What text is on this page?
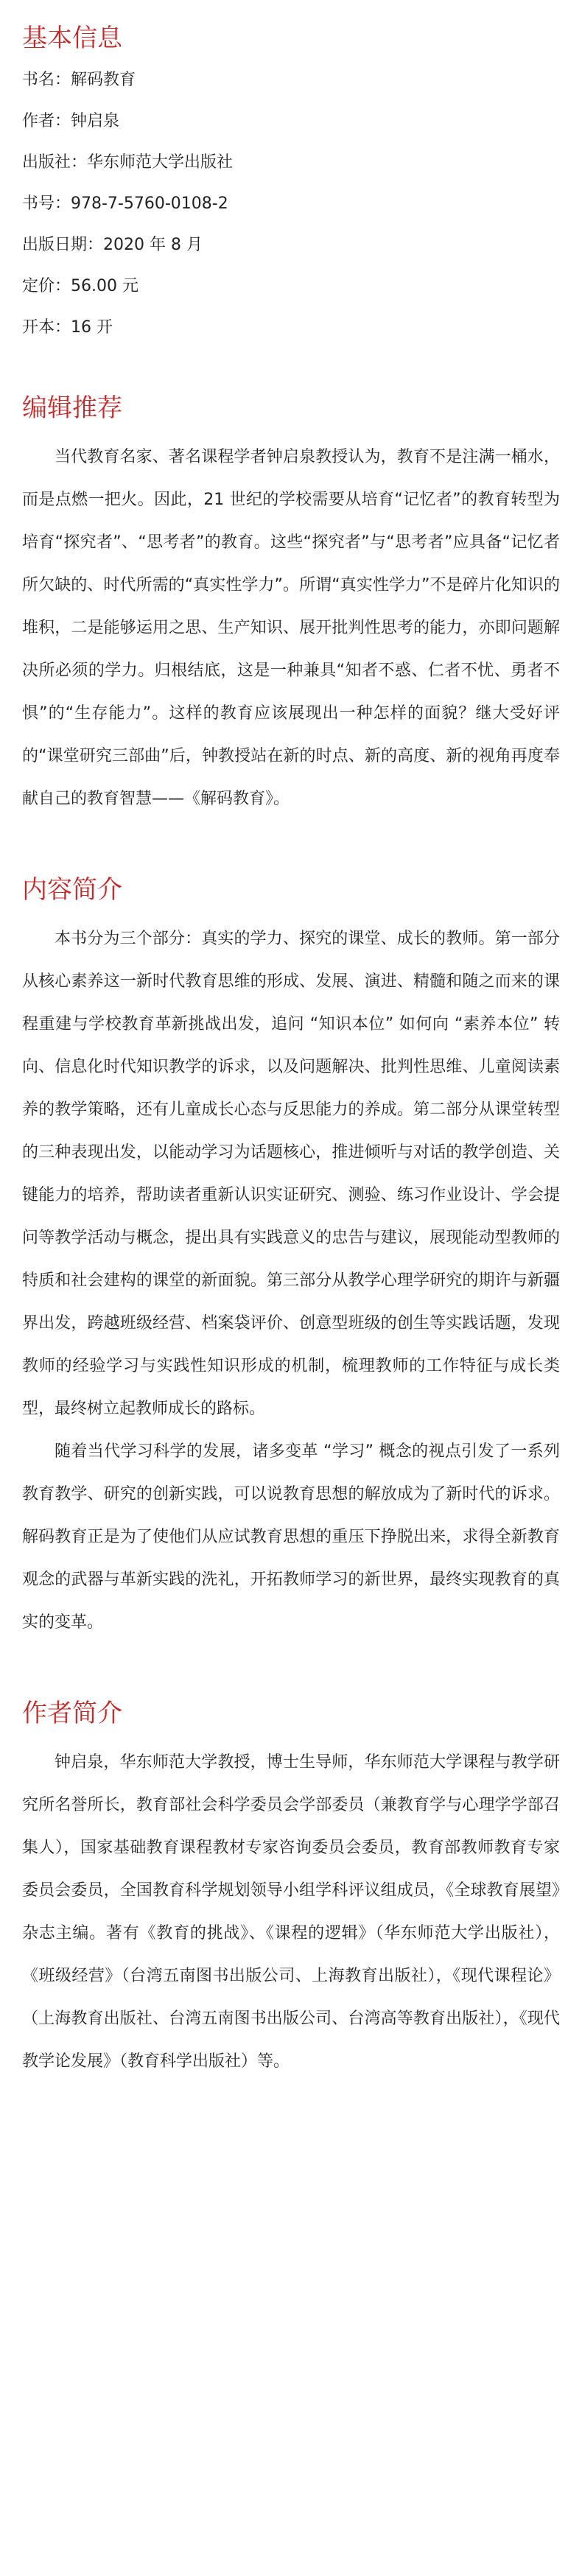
基本信息

书名：解码教育

作者：钟启泉

出版社：华东师范大学出版社

书号：978-7-5760-0108-2

出版日期：2020 年 8 月

定价：56.00 元

开本：16 开

编辑推荐

当代教育名家、著名课程学者钟启泉教授认为，教育不是注满一桶水，而是点燃一把火。因此，21 世纪的学校需要从培育“记忆者”的教育转型为培育“探究者”、“思考者”的教育。这些“探究者”与“思考者”应具备“记忆者所欠缺的、时代所需的“真实性学力”。所谓“真实性学力”不是碎片化知识的堆积，二是能够运用之思、生产知识、展开批判性思考的能力，亦即问题解决所必须的学力。归根结底，这是一种兼具“知者不惑、仁者不忧、勇者不惧”的“生存能力”。这样的教育应该展现出一种怎样的面貌？继大受好评的“课堂研究三部曲”后，钟教授站在新的时点、新的高度、新的视角再度奉献自己的教育智慧——《解码教育》。

内容简介

本书分为三个部分：真实的学力、探究的课堂、成长的教师。第一部分从核心素养这一新时代教育思维的形成、发展、演进、精髓和随之而来的课程重建与学校教育革新挑战出发，追问 “知识本位” 如何向 “素养本位” 转向、信息化时代知识教学的诉求，以及问题解决、批判性思维、儿童阅读素养的教学策略，还有儿童成长心态与反思能力的养成。第二部分从课堂转型的三种表现出发，以能动学习为话题核心，推进倾听与对话的教学创造、关键能力的培养，帮助读者重新认识实证研究、测验、练习作业设计、学会提问等教学活动与概念，提出具有实践意义的忠告与建议，展现能动型教师的特质和社会建构的课堂的新面貌。第三部分从教学心理学研究的期许与新疆界出发，跨越班级经营、档案袋评价、创意型班级的创生等实践话题，发现教师的经验学习与实践性知识形成的机制，梳理教师的工作特征与成长类型，最终树立起教师成长的路标。

随着当代学习科学的发展，诸多变革 “学习” 概念的视点引发了一系列教育教学、研究的创新实践，可以说教育思想的解放成为了新时代的诉求。解码教育正是为了使他们从应试教育思想的重压下挣脱出来，求得全新教育观念的武器与革新实践的洗礼，开拓教师学习的新世界，最终实现教育的真实的变革。

作者简介

钟启泉，华东师范大学教授，博士生导师，华东师范大学课程与教学研究所名誉所长，教育部社会科学委员会学部委员（兼教育学与心理学学部召集人），国家基础教育课程教材专家咨询委员会委员，教育部教师教育专家委员会委员，全国教育科学规划领导小组学科评议组成员，《全球教育展望》杂志主编。著有《教育的挑战》、《课程的逻辑》（华东师范大学出版社），《班级经营》（台湾五南图书出版公司、上海教育出版社），《现代课程论》（上海教育出版社、台湾五南图书出版公司、台湾高等教育出版社），《现代教学论发展》（教育科学出版社）等。
